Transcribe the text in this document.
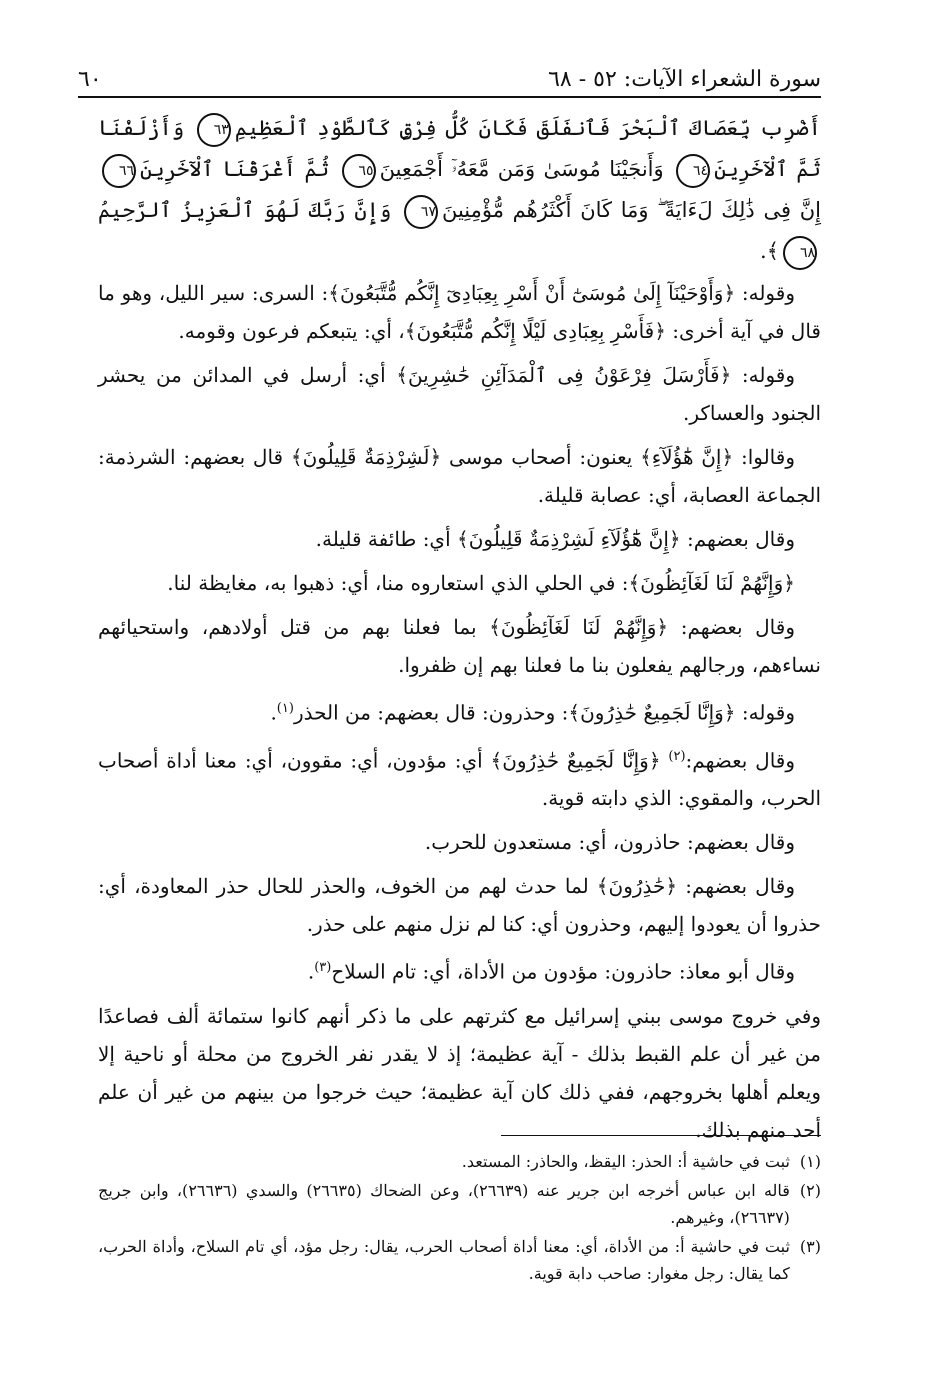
سورة الشعراء الآيات: ٥٢ - ٦٨
٦٠

أَضْرِب بِّعَصَاكَ ٱلْبَحْرَ فَٱنفَلَقَ فَكَانَ كُلُّ فِرْقٍ كَٱلطَّوْدِ ٱلْعَظِيمِ٦٣ وَأَزْلَفْنَا ثَمَّ ٱلْآخَرِينَ٦٤ وَأَنجَيْنَا مُوسَىٰ وَمَن مَّعَهُۥٓ أَجْمَعِينَ٦٥ ثُمَّ أَغْرَقْنَا ٱلْآخَرِينَ٦٦ إِنَّ فِى ذَٰلِكَ لَءَايَةً ۖ وَمَا كَانَ أَكْثَرُهُم مُّؤْمِنِينَ٦٧ وَإِنَّ رَبَّكَ لَهُوَ ٱلْعَزِيزُ ٱلرَّحِيمُ٦٨﴾.

وقوله: ﴿وَأَوْحَيْنَآ إِلَىٰ مُوسَىٰٓ أَنْ أَسْرِ بِعِبَادِىٓ إِنَّكُم مُّتَّبَعُونَ﴾: السرى: سير الليل، وهو ما قال في آية أخرى: ﴿فَأَسْرِ بِعِبَادِى لَيْلًا إِنَّكُم مُّتَّبَعُونَ﴾، أي: يتبعكم فرعون وقومه.

وقوله: ﴿فَأَرْسَلَ فِرْعَوْنُ فِى ٱلْمَدَآئِنِ حَٰشِرِينَ﴾ أي: أرسل في المدائن من يحشر الجنود والعساكر.

وقالوا: ﴿إِنَّ هَٰٓؤُلَآءِ﴾ يعنون: أصحاب موسى ﴿لَشِرْذِمَةٌ قَلِيلُونَ﴾ قال بعضهم: الشرذمة: الجماعة العصابة، أي: عصابة قليلة.

وقال بعضهم: ﴿إِنَّ هَٰٓؤُلَآءِ لَشِرْذِمَةٌ قَلِيلُونَ﴾ أي: طائفة قليلة.

﴿وَإِنَّهُمْ لَنَا لَغَآئِظُونَ﴾: في الحلي الذي استعاروه منا، أي: ذهبوا به، مغايظة لنا.

وقال بعضهم: ﴿وَإِنَّهُمْ لَنَا لَغَآئِظُونَ﴾ بما فعلنا بهم من قتل أولادهم، واستحيائهم نساءهم، ورجالهم يفعلون بنا ما فعلنا بهم إن ظفروا.

وقوله: ﴿وَإِنَّا لَجَمِيعٌ حَٰذِرُونَ﴾: وحذرون: قال بعضهم: من الحذر$^{(١)}$.

وقال بعضهم:$^{(٢)}$ ﴿وَإِنَّا لَجَمِيعٌ حَٰذِرُونَ﴾ أي: مؤدون، أي: مقوون، أي: معنا أداة أصحاب الحرب، والمقوي: الذي دابته قوية.

وقال بعضهم: حاذرون، أي: مستعدون للحرب.

وقال بعضهم: ﴿حَٰذِرُونَ﴾ لما حدث لهم من الخوف، والحذر للحال حذر المعاودة، أي: حذروا أن يعودوا إليهم، وحذرون أي: كنا لم نزل منهم على حذر.

وقال أبو معاذ: حاذرون: مؤدون من الأداة، أي: تام السلاح$^{(٣)}$.

وفي خروج موسى ببني إسرائيل مع كثرتهم على ما ذكر أنهم كانوا ستمائة ألف فصاعدًا من غير أن علم القبط بذلك - آية عظيمة؛ إذ لا يقدر نفر الخروج من محلة أو ناحية إلا ويعلم أهلها بخروجهم، ففي ذلك كان آية عظيمة؛ حيث خرجوا من بينهم من غير أن علم أحد منهم بذلك.

(١)
ثبت في حاشية أ: الحذر: اليقظ، والحاذر: المستعد.
(٢)
قاله ابن عباس أخرجه ابن جرير عنه (٢٦٦٣٩)، وعن الضحاك (٢٦٦٣٥) والسدي (٢٦٦٣٦)، وابن جريج (٢٦٦٣٧)، وغيرهم.
(٣)
ثبت في حاشية أ: من الأداة، أي: معنا أداة أصحاب الحرب، يقال: رجل مؤد، أي تام السلاح، وأداة الحرب، كما يقال: رجل مغوار: صاحب دابة قوية.
